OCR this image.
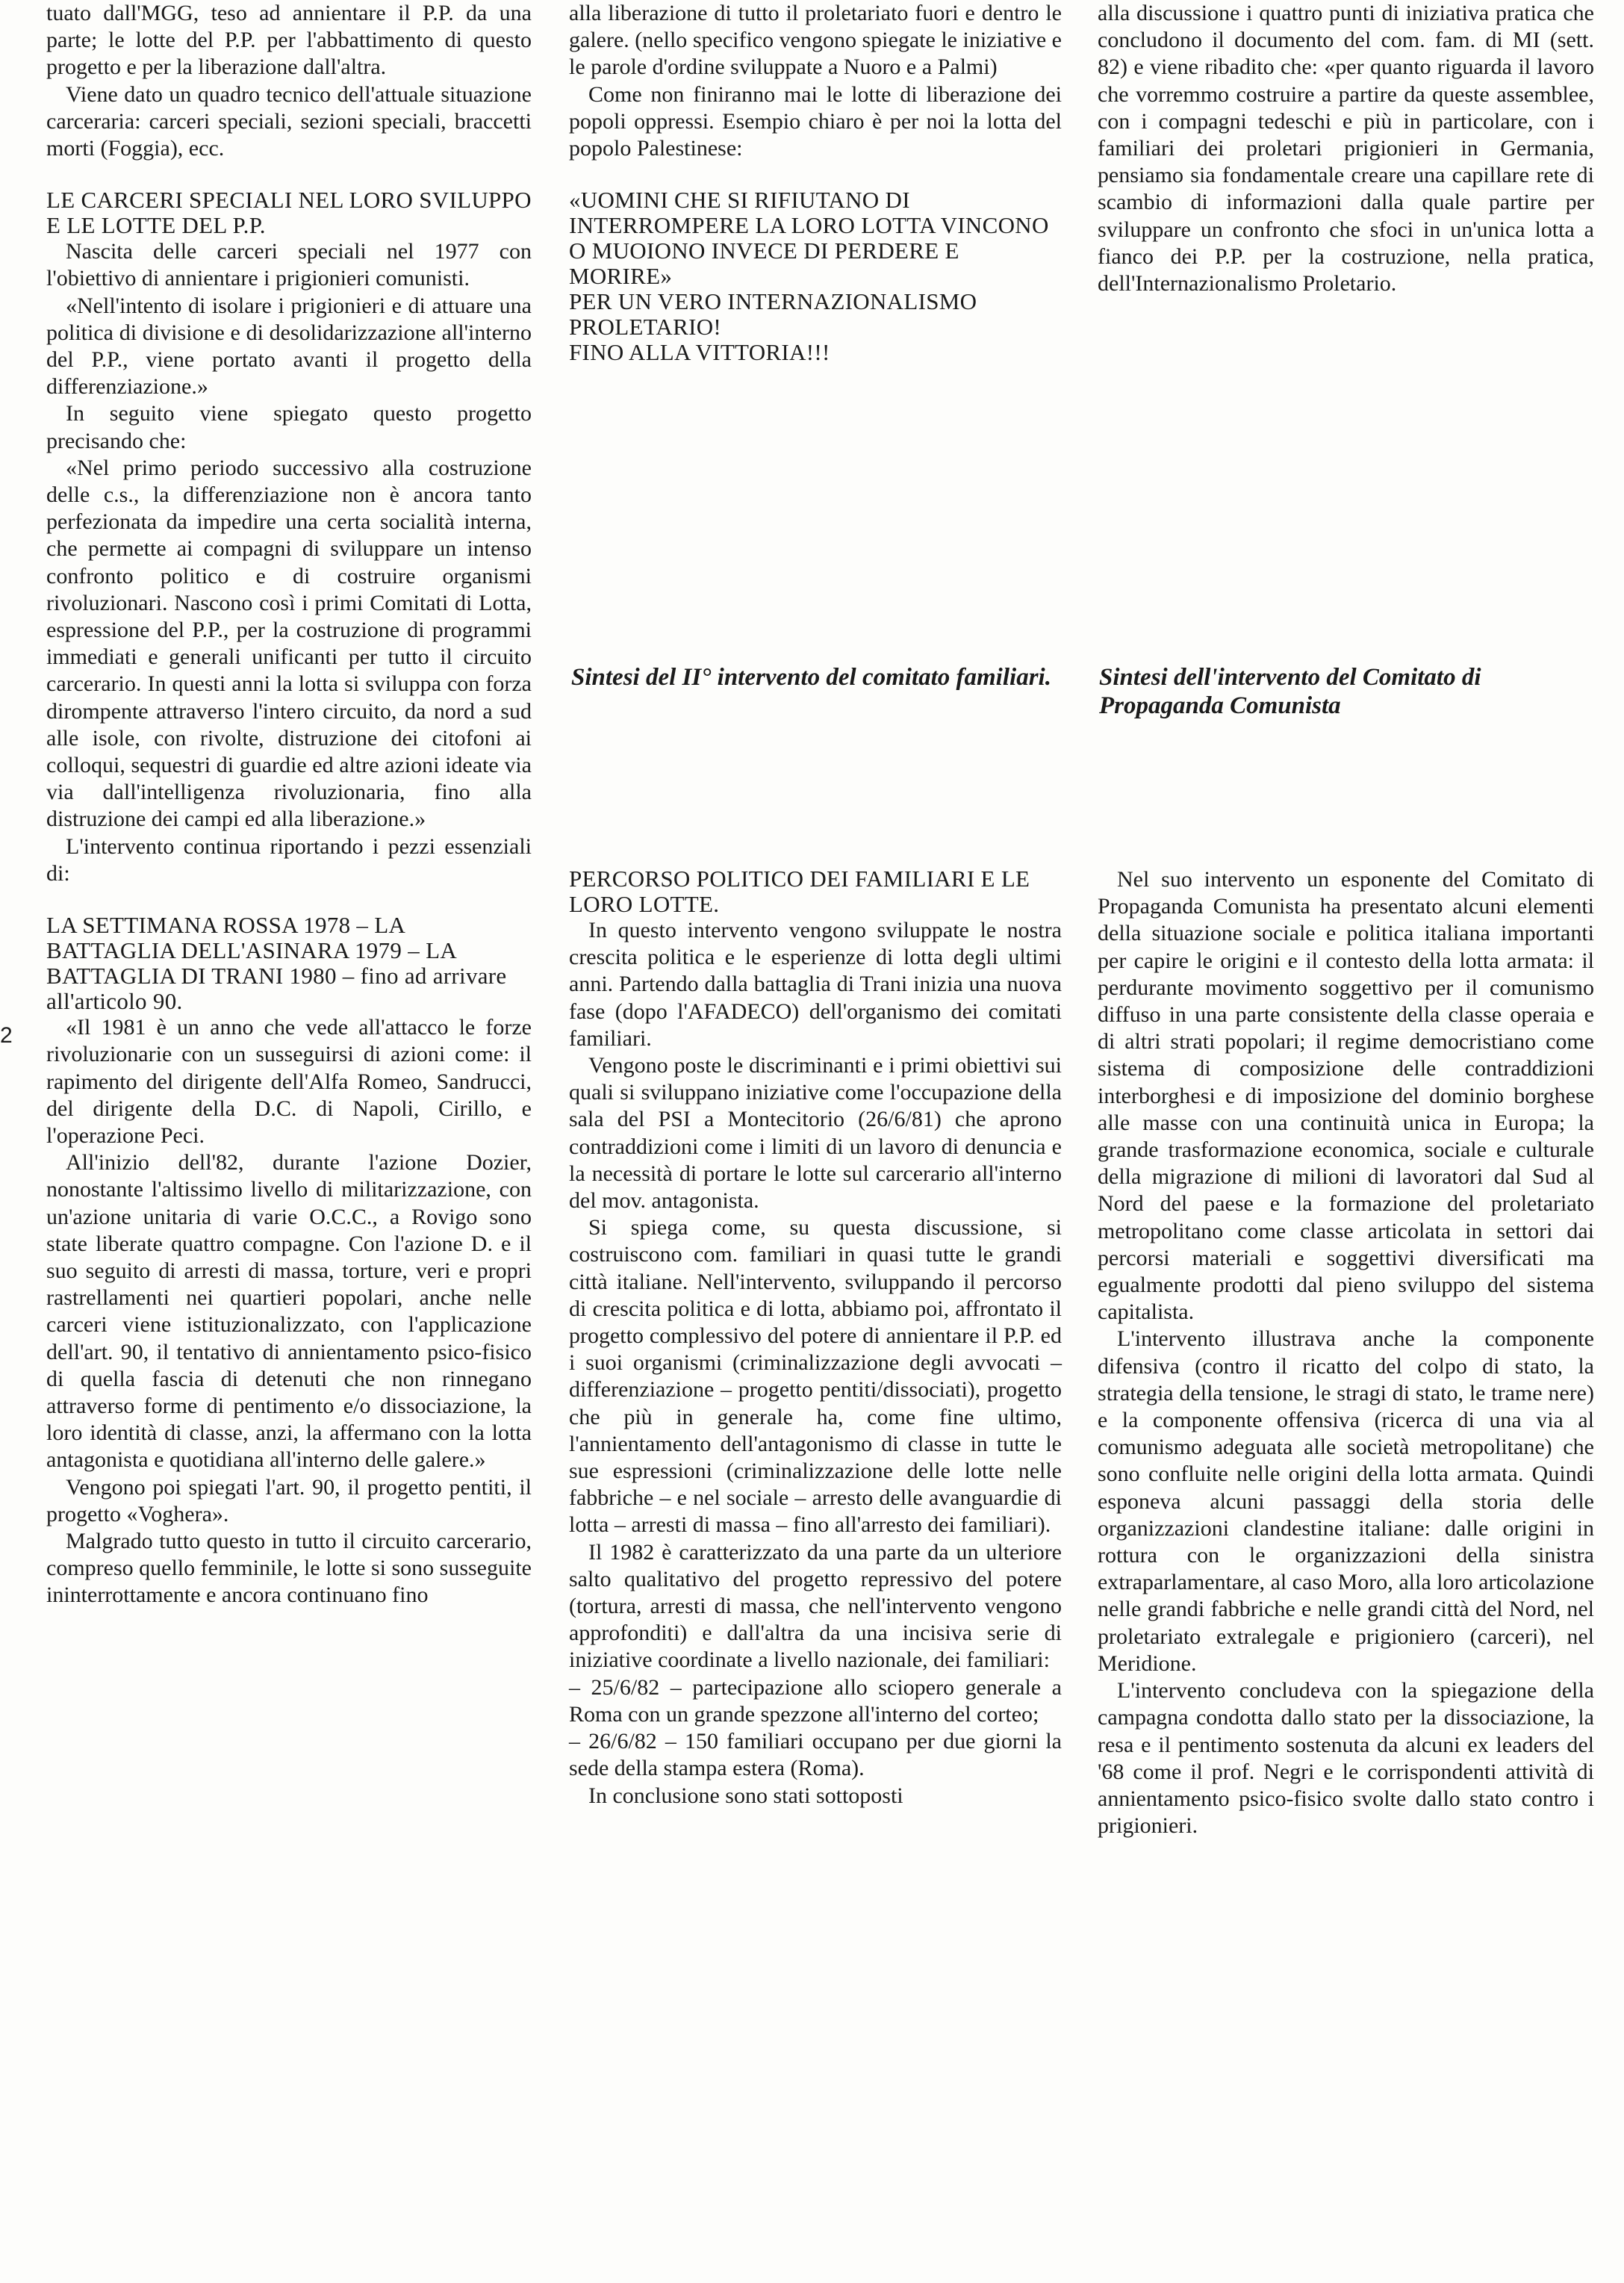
2

tuato dall'MGG, teso ad annientare il P.P. da una parte; le lotte del P.P. per l'abbattimento di questo progetto e per la liberazione dall'altra.

Viene dato un quadro tecnico dell'attuale situazione carceraria: carceri speciali, sezioni speciali, braccetti morti (Foggia), ecc.

LE CARCERI SPECIALI NEL LORO SVILUPPO E LE LOTTE DEL P.P.

Nascita delle carceri speciali nel 1977 con l'obiettivo di annientare i prigionieri comunisti.

«Nell'intento di isolare i prigionieri e di attuare una politica di divisione e di desolidarizzazione all'interno del P.P., viene portato avanti il progetto della differenziazione.»

In seguito viene spiegato questo progetto precisando che:

«Nel primo periodo successivo alla costruzione delle c.s., la differenziazione non è ancora tanto perfezionata da impedire una certa socialità interna, che permette ai compagni di sviluppare un intenso confronto politico e di costruire organismi rivoluzionari. Nascono così i primi Comitati di Lotta, espressione del P.P., per la costruzione di programmi immediati e generali unificanti per tutto il circuito carcerario. In questi anni la lotta si sviluppa con forza dirompente attraverso l'intero circuito, da nord a sud alle isole, con rivolte, distruzione dei citofoni ai colloqui, sequestri di guardie ed altre azioni ideate via via dall'intelligenza rivoluzionaria, fino alla distruzione dei campi ed alla liberazione.»

L'intervento continua riportando i pezzi essenziali di:

LA SETTIMANA ROSSA 1978 – LA BATTAGLIA DELL'ASINARA 1979 – LA BATTAGLIA DI TRANI 1980 – fino ad arrivare all'articolo 90.

«Il 1981 è un anno che vede all'attacco le forze rivoluzionarie con un susseguirsi di azioni come: il rapimento del dirigente dell'Alfa Romeo, Sandrucci, del dirigente della D.C. di Napoli, Cirillo, e l'operazione Peci.

All'inizio dell'82, durante l'azione Dozier, nonostante l'altissimo livello di militarizzazione, con un'azione unitaria di varie O.C.C., a Rovigo sono state liberate quattro compagne. Con l'azione D. e il suo seguito di arresti di massa, torture, veri e propri rastrellamenti nei quartieri popolari, anche nelle carceri viene istituzionalizzato, con l'applicazione dell'art. 90, il tentativo di annientamento psico-fisico di quella fascia di detenuti che non rinnegano attraverso forme di pentimento e/o dissociazione, la loro identità di classe, anzi, la affermano con la lotta antagonista e quotidiana all'interno delle galere.»

Vengono poi spiegati l'art. 90, il progetto pentiti, il progetto «Voghera».

Malgrado tutto questo in tutto il circuito carcerario, compreso quello femminile, le lotte si sono susseguite ininterrottamente e ancora continuano fino

alla liberazione di tutto il proletariato fuori e dentro le galere. (nello specifico vengono spiegate le iniziative e le parole d'ordine sviluppate a Nuoro e a Palmi)

Come non finiranno mai le lotte di liberazione dei popoli oppressi. Esempio chiaro è per noi la lotta del popolo Palestinese:

«UOMINI CHE SI RIFIUTANO DI INTERROMPERE LA LORO LOTTA VINCONO O MUOIONO INVECE DI PERDERE E MORIRE»
PER UN VERO INTERNAZIONALISMO PROLETARIO!
FINO ALLA VITTORIA!!!
Sintesi del II° intervento del comitato familiari.
PERCORSO POLITICO DEI FAMILIARI E LE LORO LOTTE.

In questo intervento vengono sviluppate le nostra crescita politica e le esperienze di lotta degli ultimi anni. Partendo dalla battaglia di Trani inizia una nuova fase (dopo l'AFADECO) dell'organismo dei comitati familiari.

Vengono poste le discriminanti e i primi obiettivi sui quali si sviluppano iniziative come l'occupazione della sala del PSI a Montecitorio (26/6/81) che aprono contraddizioni come i limiti di un lavoro di denuncia e la necessità di portare le lotte sul carcerario all'interno del mov. antagonista.

Si spiega come, su questa discussione, si costruiscono com. familiari in quasi tutte le grandi città italiane. Nell'intervento, sviluppando il percorso di crescita politica e di lotta, abbiamo poi, affrontato il progetto complessivo del potere di annientare il P.P. ed i suoi organismi (criminalizzazione degli avvocati – differenziazione – progetto pentiti/dissociati), progetto che più in generale ha, come fine ultimo, l'annientamento dell'antagonismo di classe in tutte le sue espressioni (criminalizzazione delle lotte nelle fabbriche – e nel sociale – arresto delle avanguardie di lotta – arresti di massa – fino all'arresto dei familiari).

Il 1982 è caratterizzato da una parte da un ulteriore salto qualitativo del progetto repressivo del potere (tortura, arresti di massa, che nell'intervento vengono approfonditi) e dall'altra da una incisiva serie di iniziative coordinate a livello nazionale, dei familiari:

– 25/6/82 – partecipazione allo sciopero generale a Roma con un grande spezzone all'interno del corteo;

– 26/6/82 – 150 familiari occupano per due giorni la sede della stampa estera (Roma).

In conclusione sono stati sottoposti

alla discussione i quattro punti di iniziativa pratica che concludono il documento del com. fam. di MI (sett. 82) e viene ribadito che: «per quanto riguarda il lavoro che vorremmo costruire a partire da queste assemblee, con i compagni tedeschi e più in particolare, con i familiari dei proletari prigionieri in Germania, pensiamo sia fondamentale creare una capillare rete di scambio di informazioni dalla quale partire per sviluppare un confronto che sfoci in un'unica lotta a fianco dei P.P. per la costruzione, nella pratica, dell'Internazionalismo Proletario.

Sintesi dell'intervento del Comitato di Propaganda Comunista

Nel suo intervento un esponente del Comitato di Propaganda Comunista ha presentato alcuni elementi della situazione sociale e politica italiana importanti per capire le origini e il contesto della lotta armata: il perdurante movimento soggettivo per il comunismo diffuso in una parte consistente della classe operaia e di altri strati popolari; il regime democristiano come sistema di composizione delle contraddizioni interborghesi e di imposizione del dominio borghese alle masse con una continuità unica in Europa; la grande trasformazione economica, sociale e culturale della migrazione di milioni di lavoratori dal Sud al Nord del paese e la formazione del proletariato metropolitano come classe articolata in settori dai percorsi materiali e soggettivi diversificati ma egualmente prodotti dal pieno sviluppo del sistema capitalista.

L'intervento illustrava anche la componente difensiva (contro il ricatto del colpo di stato, la strategia della tensione, le stragi di stato, le trame nere) e la componente offensiva (ricerca di una via al comunismo adeguata alle società metropolitane) che sono confluite nelle origini della lotta armata. Quindi esponeva alcuni passaggi della storia delle organizzazioni clandestine italiane: dalle origini in rottura con le organizzazioni della sinistra extraparlamentare, al caso Moro, alla loro articolazione nelle grandi fabbriche e nelle grandi città del Nord, nel proletariato extralegale e prigioniero (carceri), nel Meridione.

L'intervento concludeva con la spiegazione della campagna condotta dallo stato per la dissociazione, la resa e il pentimento sostenuta da alcuni ex leaders del '68 come il prof. Negri e le corrispondenti attività di annientamento psico-fisico svolte dallo stato contro i prigionieri.
